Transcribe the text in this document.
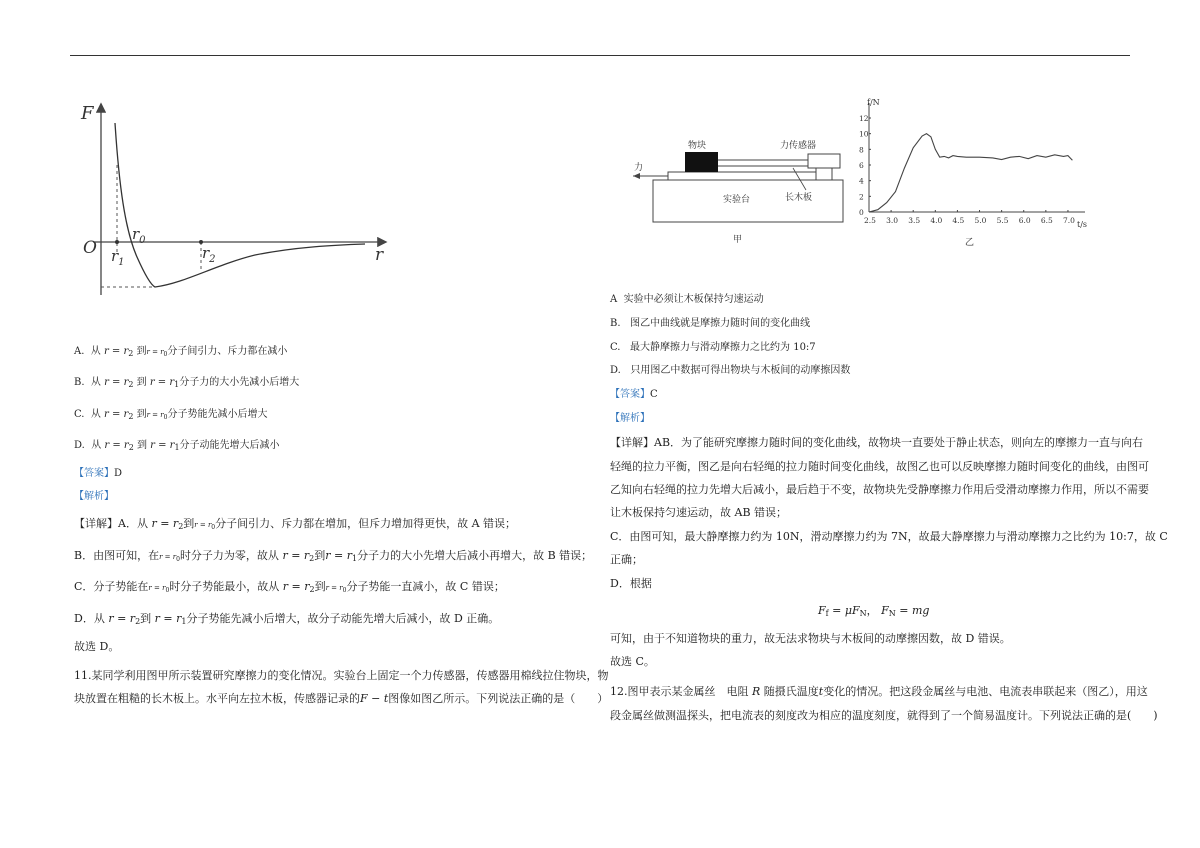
F
O	r
$r_0$
$r_1$
$r_2$
A. 从 $r = r_2$ 到$r = r_0$分子间引力、斥力都在减小
B. 从 $r = r_2$ 到 $r = r_1$分子力的大小先减小后增大
C. 从 $r = r_2$ 到$r = r_0$分子势能先减小后增大
D. 从 $r = r_2$ 到 $r = r_1$分子动能先增大后减小
【答案】D
【解析】
【详解】A．从 $r = r_2$到$r = r_0$分子间引力、斥力都在增加，但斥力增加得更快，故 A 错误；
B．由图可知，在$r = r_0$时分子力为零，故从 $r = r_2$到$r = r_1$分子力的大小先增大后减小再增大，故 B 错误；
C．分子势能在$r = r_0$时分子势能最小，故从 $r = r_2$到$r = r_0$分子势能一直减小，故 C 错误；
D．从 $r = r_2$到 $r = r_1$分子势能先减小后增大，故分子动能先增大后减小，故 D 正确。
故选 D。
11.某同学利用图甲所示装置研究摩擦力的变化情况。实验台上固定一个力传感器，传感器用棉线拉住物块，物
块放置在粗糙的长木板上。水平向左拉木板，传感器记录的F − t图像如图乙所示。下列说法正确的是（　　）
物块	力传感器
力
长木板
实验台
甲
2.5 3.0 3.5 4.0 4.5 5.0 5.5 6.0 6.5 7.0
0
2
4
6
8
10
12
f/N
t/s
乙
A 实验中必须让木板保持匀速运动
B. 图乙中曲线就是摩擦力随时间的变化曲线
C. 最大静摩擦力与滑动摩擦力之比约为 10:7
D. 只用图乙中数据可得出物块与木板间的动摩擦因数
【答案】C
【解析】
【详解】AB．为了能研究摩擦力随时间的变化曲线，故物块一直要处于静止状态，则向左的摩擦力一直与向右
轻绳的拉力平衡，图乙是向右轻绳的拉力随时间变化曲线，故图乙也可以反映摩擦力随时间变化的曲线，由图可
乙知向右轻绳的拉力先增大后减小，最后趋于不变，故物块先受静摩擦力作用后受滑动摩擦力作用，所以不需要
让木板保持匀速运动，故 AB 错误；
C．由图可知，最大静摩擦力约为 10N，滑动摩擦力约为 7N，故最大静摩擦力与滑动摩擦力之比约为 10:7，故 C
正确；
D．根据
$F_f = \mu F_N$， $F_N$ = mg
可知，由于不知道物块的重力，故无法求物块与木板间的动摩擦因数，故 D 错误。
故选 C。
12.图甲表示某金属丝　电阻 R 随摄氏温度t变化的情况。把这段金属丝与电池、电流表串联起来（图乙），用这
段金属丝做测温探头，把电流表的刻度改为相应的温度刻度，就得到了一个简易温度计。下列说法正确的是(　　)
